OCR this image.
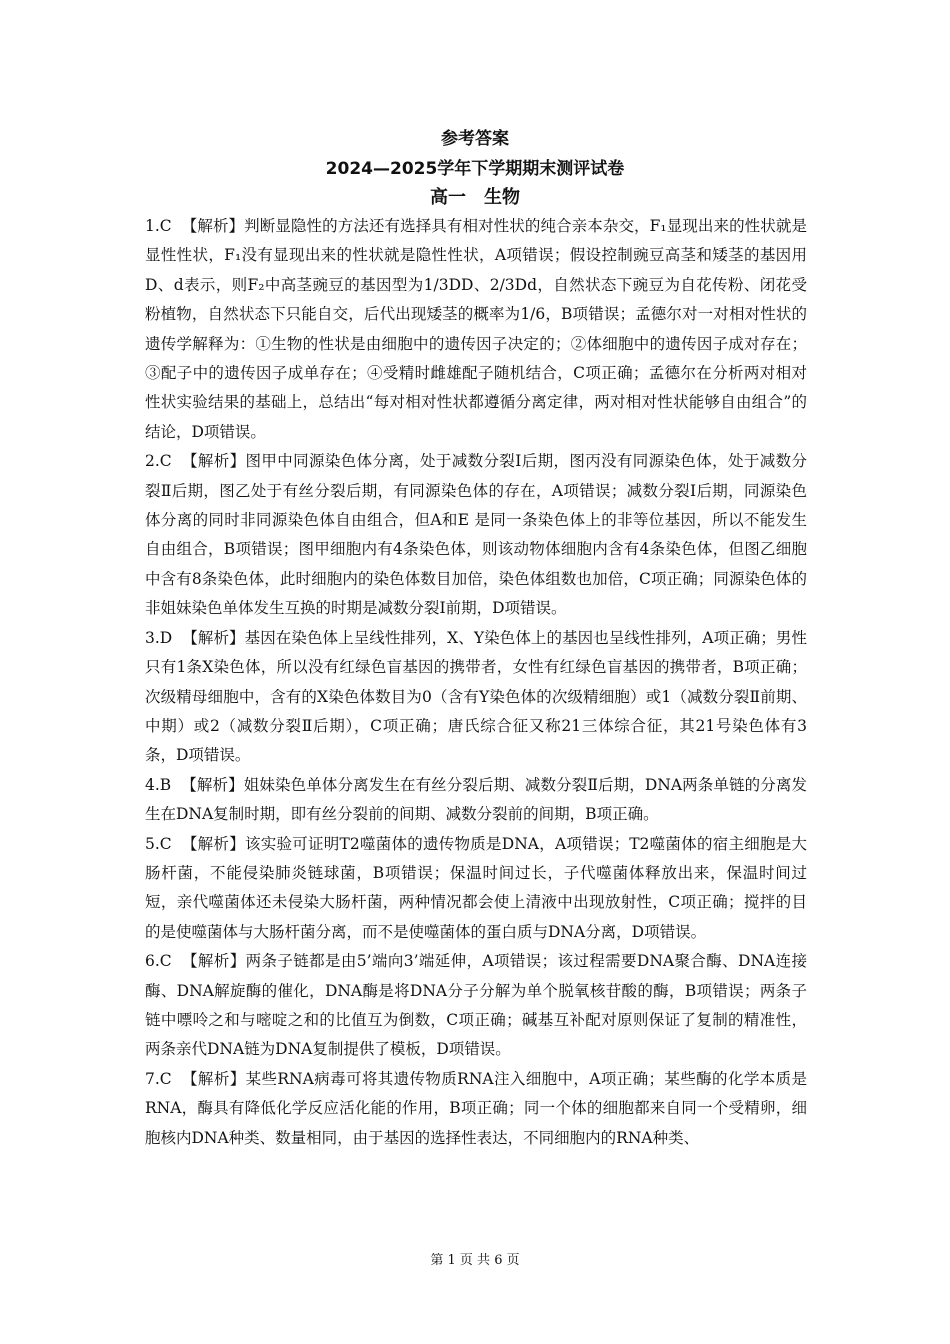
参考答案
2024—2025学年下学期期末测评试卷
高一　生物

1.C 【解析】判断显隐性的方法还有选择具有相对性状的纯合亲本杂交，F₁显现出来的性状就是显性性状，F₁没有显现出来的性状就是隐性性状，A项错误；假设控制豌豆高茎和矮茎的基因用D、d表示，则F₂中高茎豌豆的基因型为1/3DD、2/3Dd，自然状态下豌豆为自花传粉、闭花受粉植物，自然状态下只能自交，后代出现矮茎的概率为1/6，B项错误；孟德尔对一对相对性状的遗传学解释为：①生物的性状是由细胞中的遗传因子决定的；②体细胞中的遗传因子成对存在；③配子中的遗传因子成单存在；④受精时雌雄配子随机结合，C项正确；孟德尔在分析两对相对性状实验结果的基础上，总结出“每对相对性状都遵循分离定律，两对相对性状能够自由组合”的结论，D项错误。

2.C 【解析】图甲中同源染色体分离，处于减数分裂Ⅰ后期，图丙没有同源染色体，处于减数分裂Ⅱ后期，图乙处于有丝分裂后期，有同源染色体的存在，A项错误；减数分裂Ⅰ后期，同源染色体分离的同时非同源染色体自由组合，但A和E 是同一条染色体上的非等位基因，所以不能发生自由组合，B项错误；图甲细胞内有4条染色体，则该动物体细胞内含有4条染色体，但图乙细胞中含有8条染色体，此时细胞内的染色体数目加倍，染色体组数也加倍，C项正确；同源染色体的非姐妹染色单体发生互换的时期是减数分裂Ⅰ前期，D项错误。

3.D 【解析】基因在染色体上呈线性排列，X、Y染色体上的基因也呈线性排列，A项正确；男性只有1条X染色体，所以没有红绿色盲基因的携带者，女性有红绿色盲基因的携带者，B项正确；次级精母细胞中，含有的X染色体数目为0（含有Y染色体的次级精细胞）或1（减数分裂Ⅱ前期、中期）或2（减数分裂Ⅱ后期），C项正确；唐氏综合征又称21三体综合征，其21号染色体有3条，D项错误。

4.B 【解析】姐妹染色单体分离发生在有丝分裂后期、减数分裂Ⅱ后期，DNA两条单链的分离发生在DNA复制时期，即有丝分裂前的间期、减数分裂前的间期，B项正确。

5.C 【解析】该实验可证明T2噬菌体的遗传物质是DNA，A项错误；T2噬菌体的宿主细胞是大肠杆菌，不能侵染肺炎链球菌，B项错误；保温时间过长，子代噬菌体释放出来，保温时间过短，亲代噬菌体还未侵染大肠杆菌，两种情况都会使上清液中出现放射性，C项正确；搅拌的目的是使噬菌体与大肠杆菌分离，而不是使噬菌体的蛋白质与DNA分离，D项错误。

6.C 【解析】两条子链都是由5’端向3’端延伸，A项错误；该过程需要DNA聚合酶、DNA连接酶、DNA解旋酶的催化，DNA酶是将DNA分子分解为单个脱氧核苷酸的酶，B项错误；两条子链中嘌呤之和与嘧啶之和的比值互为倒数，C项正确；碱基互补配对原则保证了复制的精准性，两条亲代DNA链为DNA复制提供了模板，D项错误。

7.C 【解析】某些RNA病毒可将其遗传物质RNA注入细胞中，A项正确；某些酶的化学本质是RNA，酶具有降低化学反应活化能的作用，B项正确；同一个体的细胞都来自同一个受精卵，细胞核内DNA种类、数量相同，由于基因的选择性表达，不同细胞内的RNA种类、

第 1 页 共 6 页
